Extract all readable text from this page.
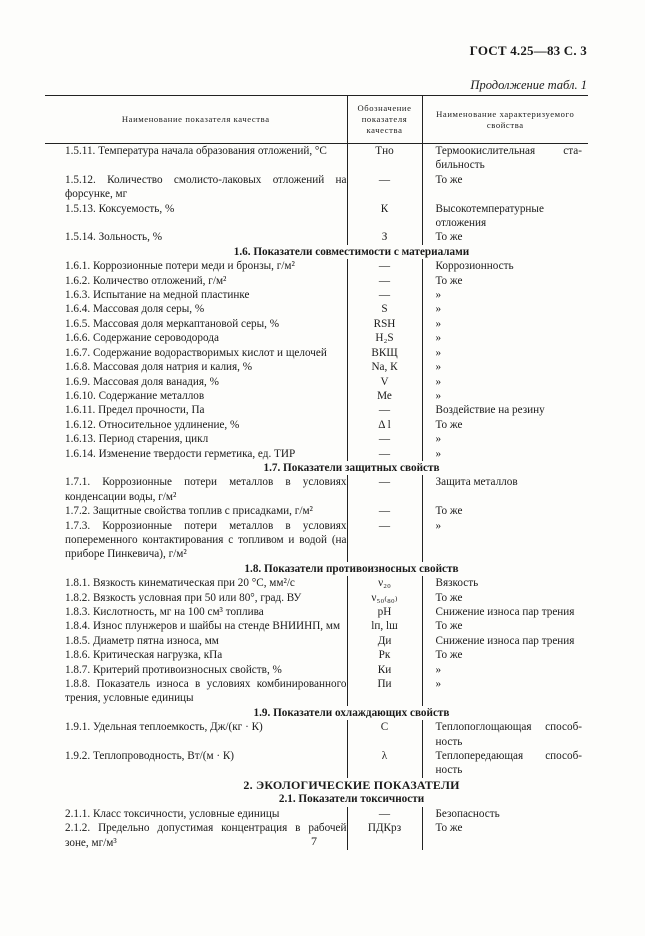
ГОСТ 4.25—83 С. 3
Продолжение табл. 1
Наименование показателя качества	Обозначение показателя качества	Наименование характеризуемого свойства
1.5.11. Температура начала образования отложений, °С	Тно	Термоокислительная стабильность
1.5.12. Количество смолисто-лаковых отложений на форсунке, мг	—	То же
1.5.13. Коксуемость, %	К	Высокотемпературные отложения
1.5.14. Зольность, %	З	То же
1.6. Показатели совместимости с материалами		
1.6.1. Коррозионные потери меди и бронзы, г/м²	—	Коррозионность
1.6.2. Количество отложений, г/м²	—	То же
1.6.3. Испытание на медной пластинке	—	»
1.6.4. Массовая доля серы, %	S	»
1.6.5. Массовая доля меркаптановой серы, %	RSH	»
1.6.6. Содержание сероводорода	H₂S	»
1.6.7. Содержание водорастворимых кислот и щелочей	ВКЩ	»
1.6.8. Массовая доля натрия и калия, %	Na, К	»
1.6.9. Массовая доля ванадия, %	V	»
1.6.10. Содержание металлов	Ме	»
1.6.11. Предел прочности, Па	—	Воздействие на резину
1.6.12. Относительное удлинение, %	Δ l	То же
1.6.13. Период старения, цикл	—	»
1.6.14. Изменение твердости герметика, ед. ТИР	—	»
1.7. Показатели защитных свойств		
1.7.1. Коррозионные потери металлов в условиях конденсации воды, г/м²	—	Защита металлов
1.7.2. Защитные свойства топлив с присадками, г/м²	—	То же
1.7.3. Коррозионные потери металлов в условиях попеременного контактирования с топливом и водой (на приборе Пинкевича), г/м²	—	»
1.8. Показатели противоизносных свойств		
1.8.1. Вязкость кинематическая при 20 °С, мм²/с	ν₂₀	Вязкость
1.8.2. Вязкость условная при 50 или 80°, град. ВУ	ν₅₀₍₈₀₎	То же
1.8.3. Кислотность, мг на 100 см³ топлива	рН	Снижение износа пар трения
1.8.4. Износ плунжеров и шайбы на стенде ВНИИНП, мм	lп, lш	То же
1.8.5. Диаметр пятна износа, мм	Ди	Снижение износа пар трения
1.8.6. Критическая нагрузка, кПа	Рк	То же
1.8.7. Критерий противоизносных свойств, %	Ки	»
1.8.8. Показатель износа в условиях комбинированного трения, условные единицы	Пи	»
1.9. Показатели охлаждающих свойств		
1.9.1. Удельная теплоемкость, Дж/(кг · К)	С	Теплопоглощающая способность
1.9.2. Теплопроводность, Вт/(м · К)	λ	Теплопередающая способность
2. ЭКОЛОГИЧЕСКИЕ ПОКАЗАТЕЛИ		
2.1. Показатели токсичности		
2.1.1. Класс токсичности, условные единицы	—	Безопасность
2.1.2. Предельно допустимая концентрация в рабочей зоне, мг/м³	ПДКрз	То же
7
